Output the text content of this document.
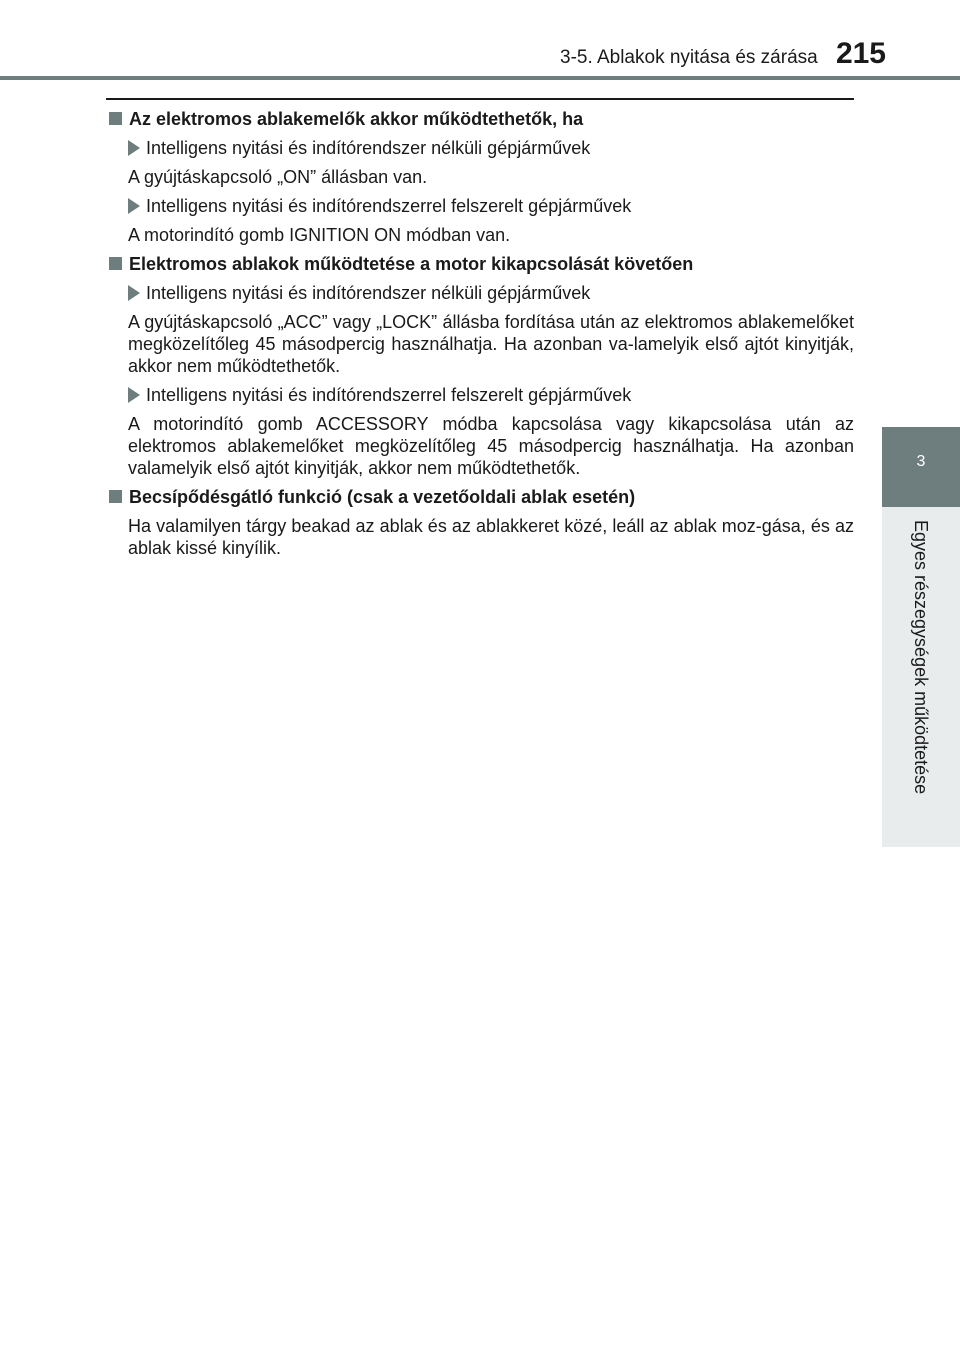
3-5. Ablakok nyitása és zárása 215
3
Egyes részegységek működtetése
Az elektromos ablakemelők akkor működtethetők, ha
Intelligens nyitási és indítórendszer nélküli gépjárművek
A gyújtáskapcsoló „ON” állásban van.
Intelligens nyitási és indítórendszerrel felszerelt gépjárművek
A motorindító gomb IGNITION ON módban van.
Elektromos ablakok működtetése a motor kikapcsolását követően
Intelligens nyitási és indítórendszer nélküli gépjárművek
A gyújtáskapcsoló „ACC” vagy „LOCK” állásba fordítása után az elektromos ablakemelőket megközelítőleg 45 másodpercig használhatja. Ha azonban va-lamelyik első ajtót kinyitják, akkor nem működtethetők.
Intelligens nyitási és indítórendszerrel felszerelt gépjárművek
A motorindító gomb ACCESSORY módba kapcsolása vagy kikapcsolása után az elektromos ablakemelőket megközelítőleg 45 másodpercig használhatja. Ha azonban valamelyik első ajtót kinyitják, akkor nem működtethetők.
Becsípődésgátló funkció (csak a vezetőoldali ablak esetén)
Ha valamilyen tárgy beakad az ablak és az ablakkeret közé, leáll az ablak moz-gása, és az ablak kissé kinyílik.
